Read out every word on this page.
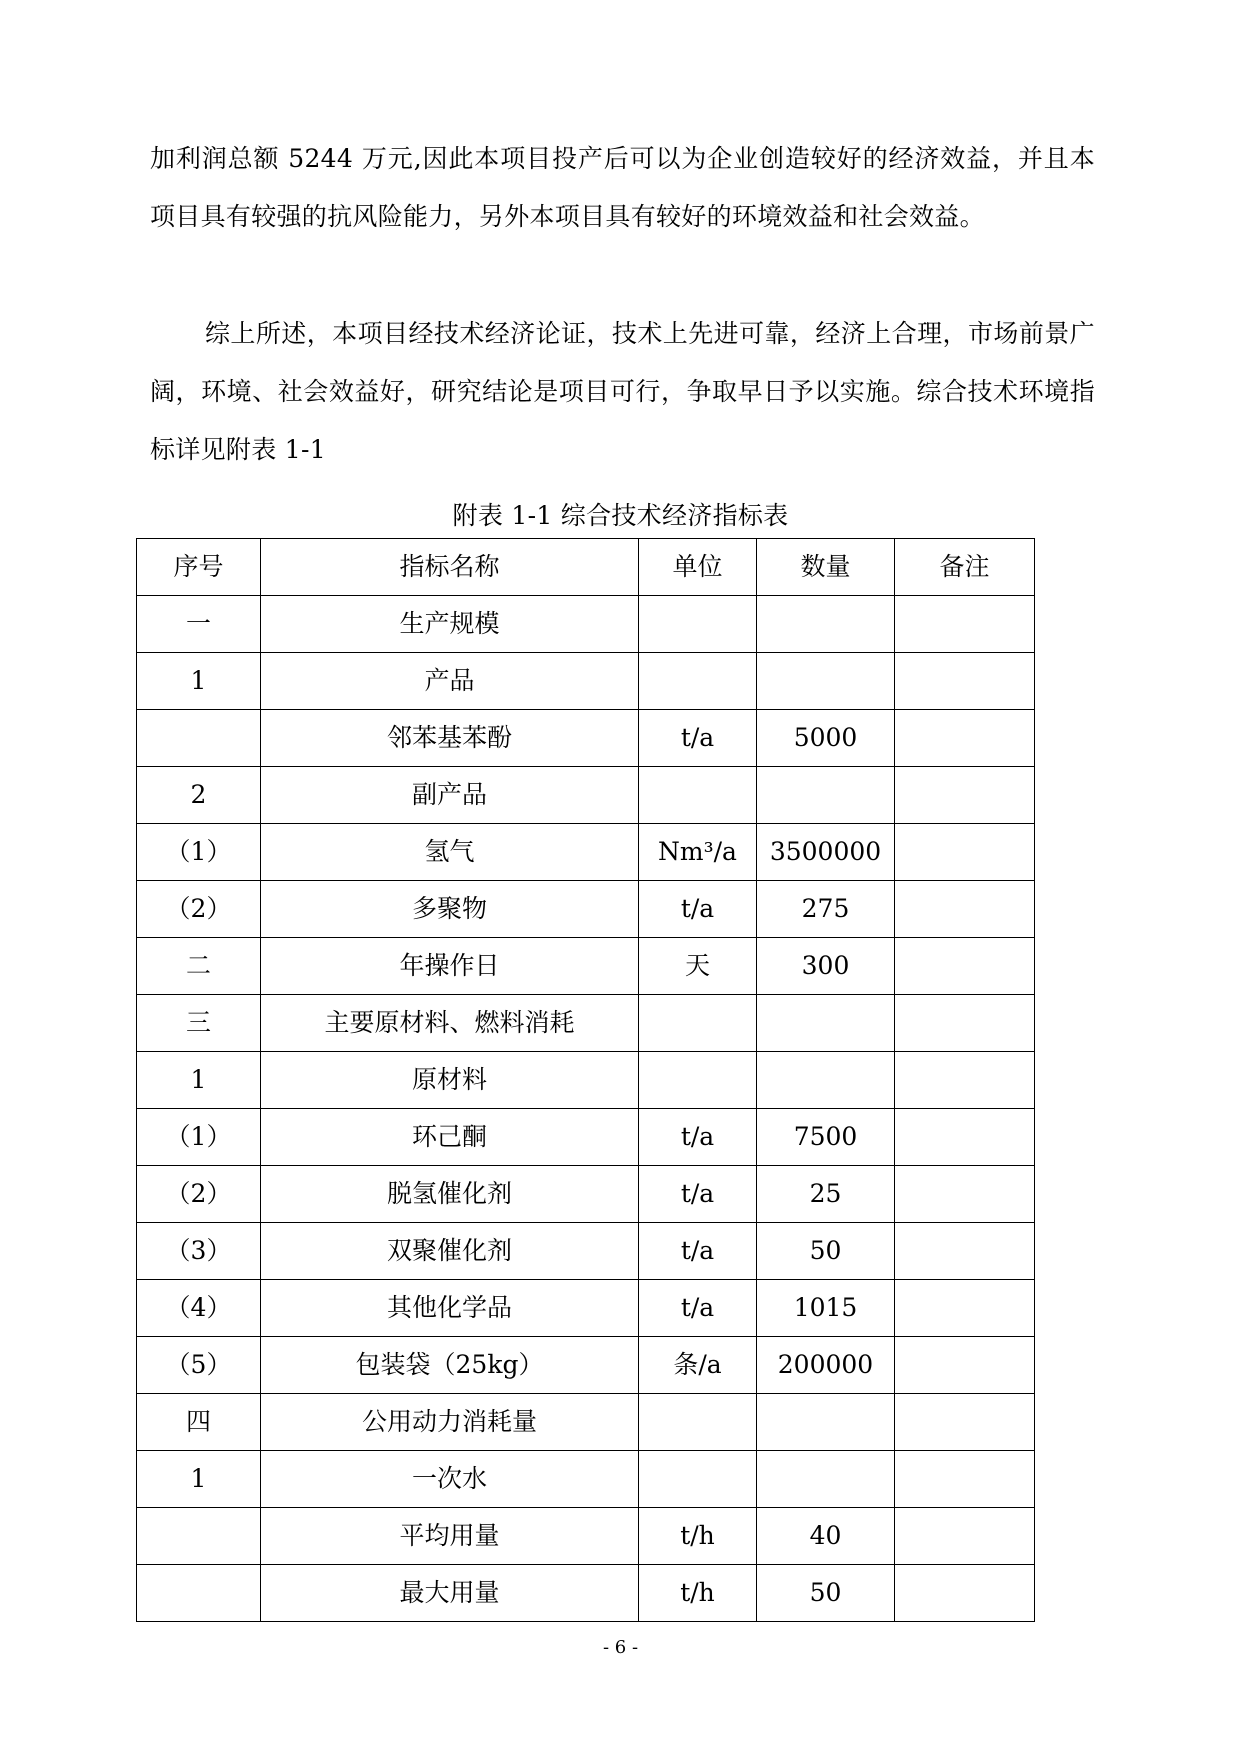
加利润总额 5244 万元,因此本项目投产后可以为企业创造较好的经济效益，并且本项目具有较强的抗风险能力，另外本项目具有较好的环境效益和社会效益。

综上所述，本项目经技术经济论证，技术上先进可靠，经济上合理，市场前景广阔，环境、社会效益好，研究结论是项目可行，争取早日予以实施。综合技术环境指标详见附表 1-1

附表 1-1 综合技术经济指标表
序号	指标名称	单位	数量	备注
一	生产规模			
1	产品			
	邻苯基苯酚	t/a	5000	
2	副产品			
（1）	氢气	Nm³/a	3500000	
（2）	多聚物	t/a	275	
二	年操作日	天	300	
三	主要原材料、燃料消耗			
1	原材料			
（1）	环己酮	t/a	7500	
（2）	脱氢催化剂	t/a	25	
（3）	双聚催化剂	t/a	50	
（4）	其他化学品	t/a	1015	
（5）	包装袋（25kg）	条/a	200000	
四	公用动力消耗量			
1	一次水			
	平均用量	t/h	40	
	最大用量	t/h	50	
- 6 -
